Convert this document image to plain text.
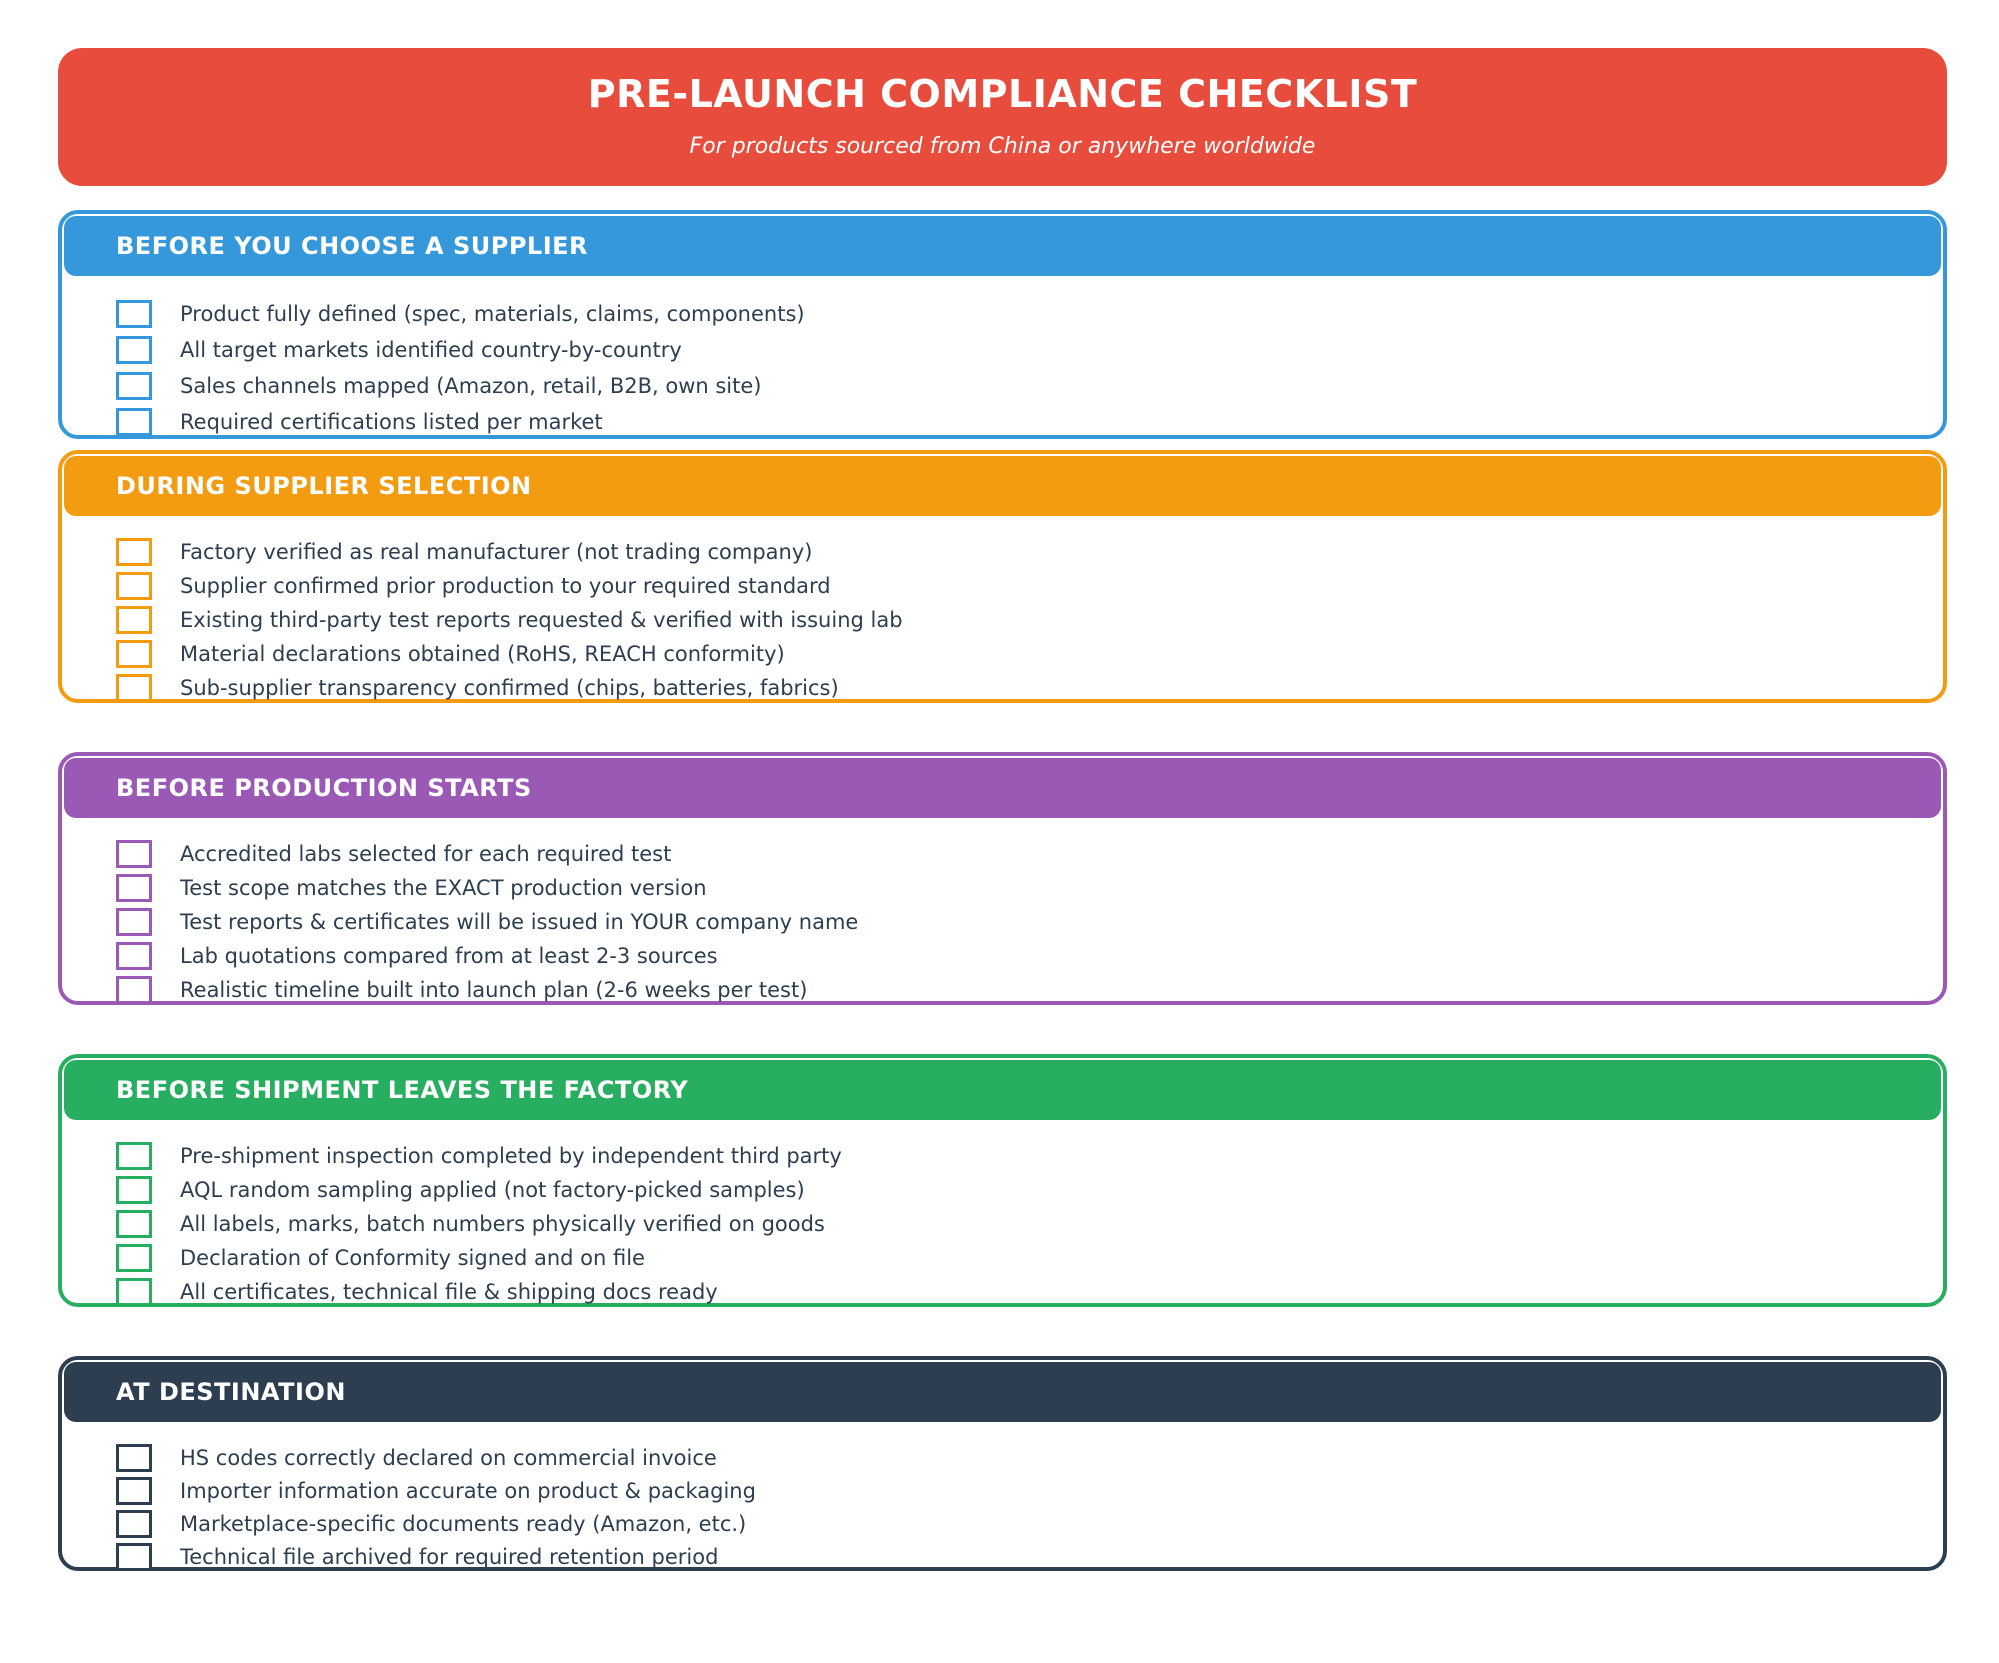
PRE-LAUNCH COMPLIANCE CHECKLIST
For products sourced from China or anywhere worldwide
BEFORE YOU CHOOSE A SUPPLIER
Product fully defined (spec, materials, claims, components)
All target markets identified country-by-country
Sales channels mapped (Amazon, retail, B2B, own site)
Required certifications listed per market
DURING SUPPLIER SELECTION
Factory verified as real manufacturer (not trading company)
Supplier confirmed prior production to your required standard
Existing third-party test reports requested & verified with issuing lab
Material declarations obtained (RoHS, REACH conformity)
Sub-supplier transparency confirmed (chips, batteries, fabrics)
BEFORE PRODUCTION STARTS
Accredited labs selected for each required test
Test scope matches the EXACT production version
Test reports & certificates will be issued in YOUR company name
Lab quotations compared from at least 2-3 sources
Realistic timeline built into launch plan (2-6 weeks per test)
BEFORE SHIPMENT LEAVES THE FACTORY
Pre-shipment inspection completed by independent third party
AQL random sampling applied (not factory-picked samples)
All labels, marks, batch numbers physically verified on goods
Declaration of Conformity signed and on file
All certificates, technical file & shipping docs ready
AT DESTINATION
HS codes correctly declared on commercial invoice
Importer information accurate on product & packaging
Marketplace-specific documents ready (Amazon, etc.)
Technical file archived for required retention period
